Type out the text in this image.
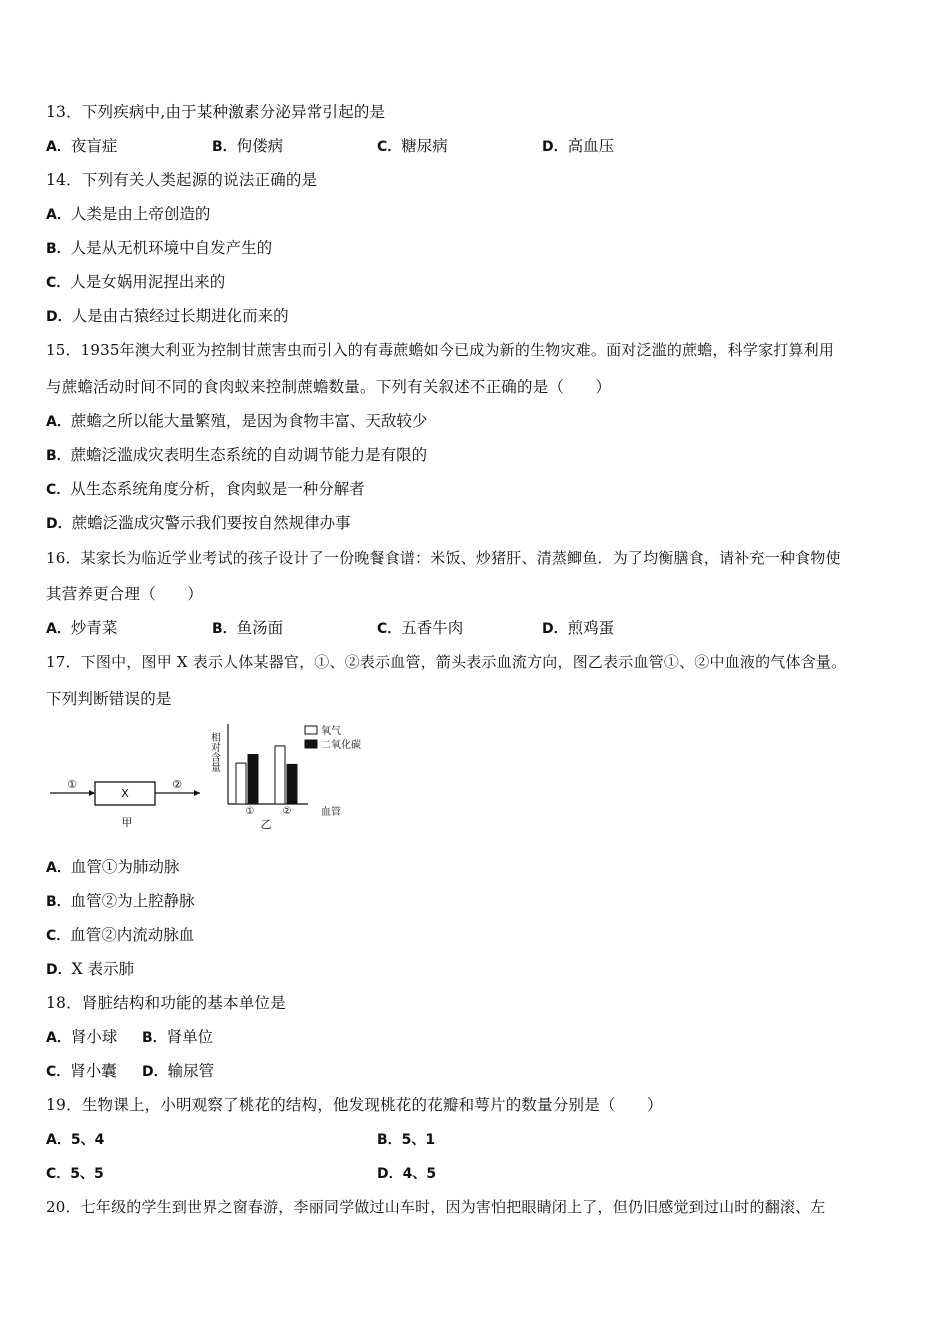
13．下列疾病中,由于某种激素分泌异常引起的是
A．夜盲症	B．佝偻病	C．糖尿病	D．高血压
14．下列有关人类起源的说法正确的是
A．人类是由上帝创造的
B．人是从无机环境中自发产生的
C．人是女娲用泥捏出来的
D．人是由古猿经过长期进化而来的
15．1935年澳大利亚为控制甘蔗害虫而引入的有毒蔗蟾如今已成为新的生物灾难。面对泛滥的蔗蟾，科学家打算利用
与蔗蟾活动时间不同的食肉蚁来控制蔗蟾数量。下列有关叙述不正确的是（　　）
A．蔗蟾之所以能大量繁殖，是因为食物丰富、天敌较少
B．蔗蟾泛滥成灾表明生态系统的自动调节能力是有限的
C．从生态系统角度分析，食肉蚁是一种分解者
D．蔗蟾泛滥成灾警示我们要按自然规律办事
16．某家长为临近学业考试的孩子设计了一份晚餐食谱：米饭、炒猪肝、清蒸鲫鱼．为了均衡膳食，请补充一种食物使
其营养更合理（　　）
A．炒青菜	B．鱼汤面	C．五香牛肉	D．煎鸡蛋
17．下图中，图甲 X 表示人体某器官，①、②表示血管，箭头表示血流方向，图乙表示血管①、②中血液的气体含量。
下列判断错误的是
①
X
②
甲
相对含量
氧气
二氧化碳
①	②	血管
乙
A．血管①为肺动脉
B．血管②为上腔静脉
C．血管②内流动脉血
D．X 表示肺
18．肾脏结构和功能的基本单位是
A．肾小球 B．肾单位
C．肾小囊 D．输尿管
19．生物课上，小明观察了桃花的结构，他发现桃花的花瓣和萼片的数量分别是（　　）
A．5、4	B．5、1
C．5、5	D．4、5
20．七年级的学生到世界之窗春游，李丽同学做过山车时，因为害怕把眼睛闭上了，但仍旧感觉到过山时的翻滚、左
